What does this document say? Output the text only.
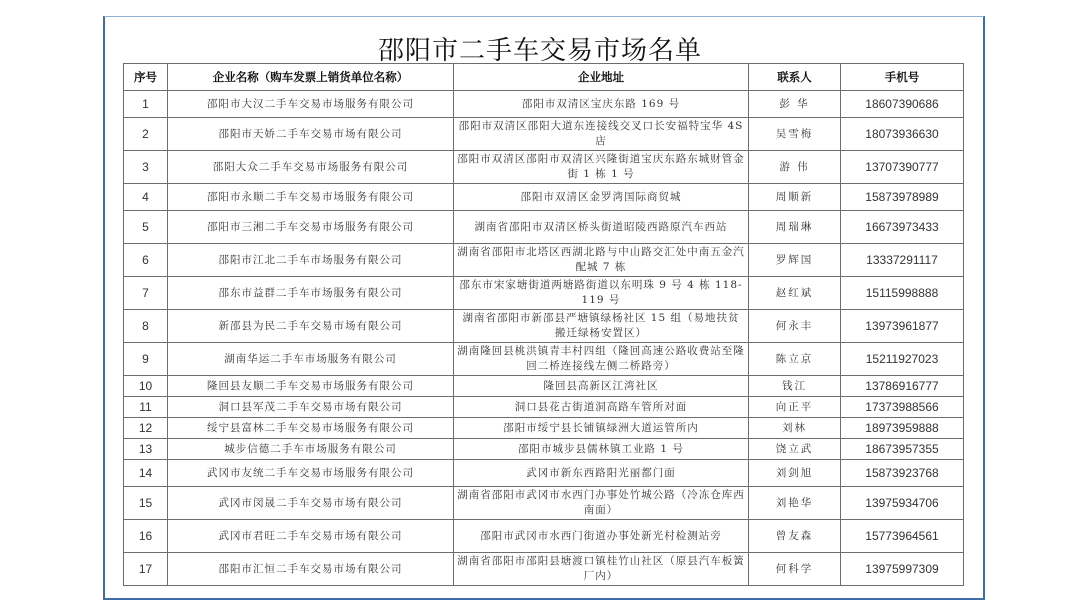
邵阳市二手车交易市场名单
序号	企业名称（购车发票上销货单位名称）	企业地址	联系人	手机号
1	邵阳市大汉二手车交易市场服务有限公司	邵阳市双清区宝庆东路 169 号	彭 华	18607390686
2	邵阳市天娇二手车交易市场有限公司	邵阳市双清区邵阳大道东连接线交叉口长安福特宝华 4S 店	吴雪梅	18073936630
3	邵阳大众二手车交易市场服务有限公司	邵阳市双清区邵阳市双清区兴隆街道宝庆东路东城财管金街 1 栋 1 号	游 伟	13707390777
4	邵阳市永顺二手车交易市场服务有限公司	邵阳市双清区金罗湾国际商贸城	周顺新	15873978989
5	邵阳市三湘二手车交易市场服务有限公司	湖南省邵阳市双清区桥头街道昭陵西路原汽车西站	周瑞琳	16673973433
6	邵阳市江北二手车市场服务有限公司	湖南省邵阳市北塔区西湖北路与中山路交汇处中南五金汽配城 7 栋	罗辉国	13337291117
7	邵东市益群二手车市场服务有限公司	邵东市宋家塘街道两塘路街道以东明珠 9 号 4 栋 118-119 号	赵红斌	15115998888
8	新邵县为民二手车交易市场有限公司	湖南省邵阳市新邵县严塘镇绿杨社区 15 组（易地扶贫搬迁绿杨安置区）	何永丰	13973961877
9	湖南华运二手车市场服务有限公司	湖南隆回县桃洪镇青丰村四组（隆回高速公路收费站至隆回二桥连接线左侧二桥路旁）	陈立京	15211927023
10	隆回县友顺二手车交易市场服务有限公司	隆回县高新区江湾社区	钱江	13786916777
11	洞口县军茂二手车交易市场有限公司	洞口县花古街道洞高路车管所对面	向正平	17373988566
12	绥宁县富林二手车交易市场服务有限公司	邵阳市绥宁县长铺镇绿洲大道运管所内	刘林	18973959888
13	城步信德二手车市场服务有限公司	邵阳市城步县儒林镇工业路 1 号	饶立武	18673957355
14	武冈市友统二手车交易市场服务有限公司	武冈市新东西路阳光丽都门面	刘剑旭	15873923768
15	武冈市闵晟二手车交易市场有限公司	湖南省邵阳市武冈市水西门办事处竹城公路（冷冻仓库西南面）	刘艳华	13975934706
16	武冈市君旺二手车交易市场有限公司	邵阳市武冈市水西门街道办事处新光村检测站旁	曾友森	15773964561
17	邵阳市汇恒二手车交易市场有限公司	湖南省邵阳市邵阳县塘渡口镇桂竹山社区（原县汽车板簧厂内）	何科学	13975997309
